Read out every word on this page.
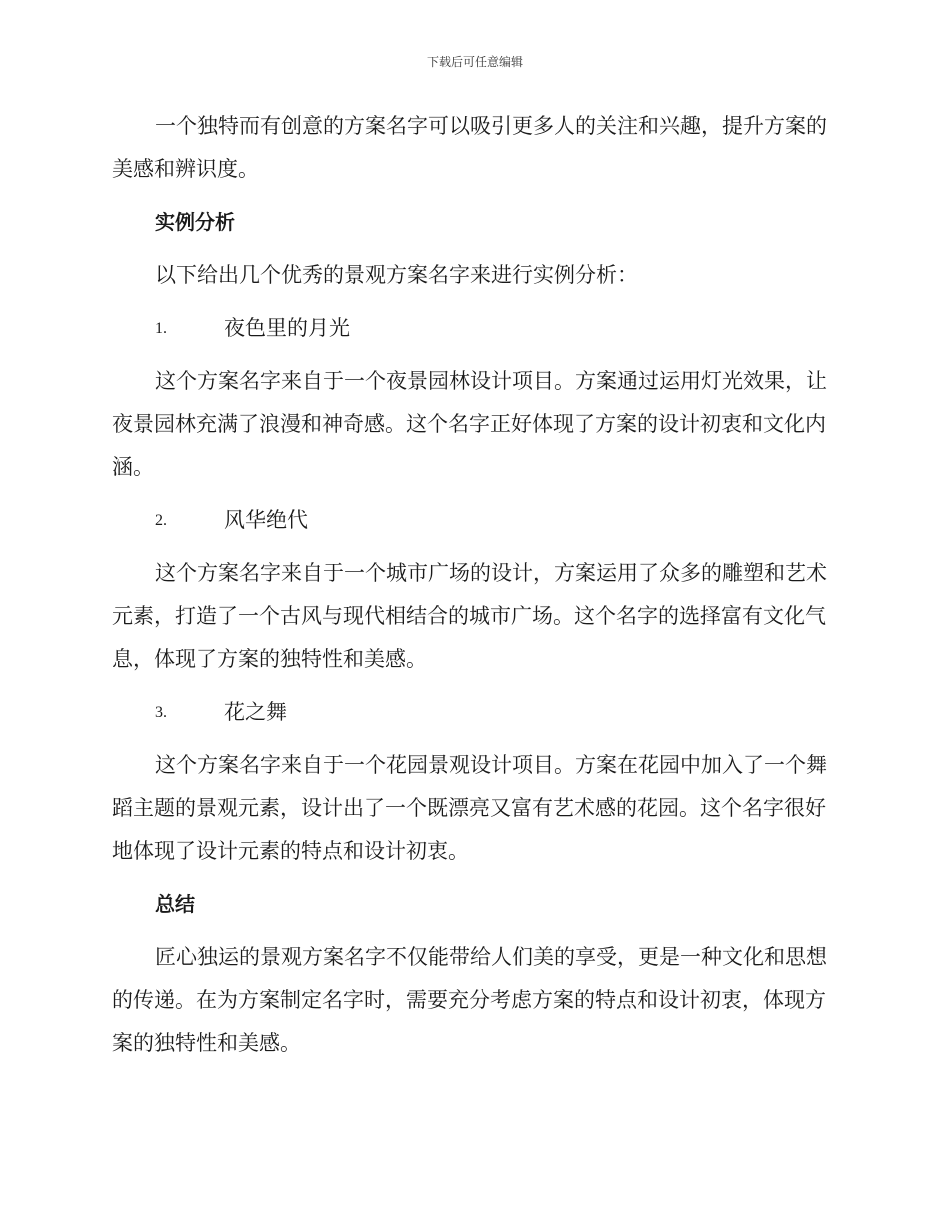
下载后可任意编辑

一个独特而有创意的方案名字可以吸引更多人的关注和兴趣，提升方案的美感和辨识度。

实例分析

以下给出几个优秀的景观方案名字来进行实例分析：

1.	夜色里的月光

这个方案名字来自于一个夜景园林设计项目。方案通过运用灯光效果，让夜景园林充满了浪漫和神奇感。这个名字正好体现了方案的设计初衷和文化内涵。

2.	风华绝代

这个方案名字来自于一个城市广场的设计，方案运用了众多的雕塑和艺术元素，打造了一个古风与现代相结合的城市广场。这个名字的选择富有文化气息，体现了方案的独特性和美感。

3.	花之舞

这个方案名字来自于一个花园景观设计项目。方案在花园中加入了一个舞蹈主题的景观元素，设计出了一个既漂亮又富有艺术感的花园。这个名字很好地体现了设计元素的特点和设计初衷。

总结

匠心独运的景观方案名字不仅能带给人们美的享受，更是一种文化和思想的传递。在为方案制定名字时，需要充分考虑方案的特点和设计初衷，体现方案的独特性和美感。
